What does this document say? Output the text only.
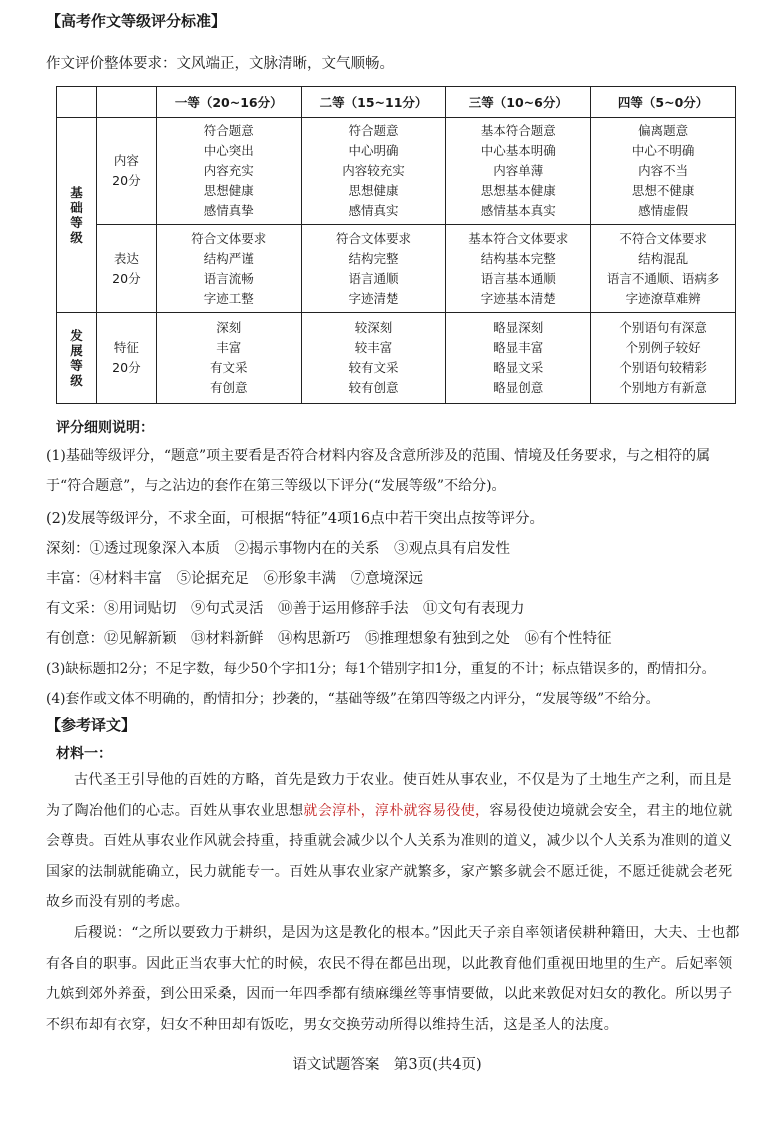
【高考作文等级评分标准】
作文评价整体要求：文风端正，文脉清晰，文气顺畅。
		一等（20~16分）	二等（15~11分）	三等（10~6分）	四等（5~0分）

基
础
等
级	内容
20分	符合题意
中心突出
内容充实
思想健康
感情真挚	符合题意
中心明确
内容较充实
思想健康
感情真实	基本符合题意
中心基本明确
内容单薄
思想基本健康
感情基本真实	偏离题意
中心不明确
内容不当
思想不健康
感情虚假

	表达
20分	符合文体要求
结构严谨
语言流畅
字迹工整	符合文体要求
结构完整
语言通顺
字迹清楚	基本符合文体要求
结构基本完整
语言基本通顺
字迹基本清楚	不符合文体要求
结构混乱
语言不通顺、语病多
字迹潦草难辨

发
展
等
级	特征
20分	深刻
丰富
有文采
有创意	较深刻
较丰富
较有文采
较有创意	略显深刻
略显丰富
略显文采
略显创意	个别语句有深意
个别例子较好
个别语句较精彩
个别地方有新意
评分细则说明：
(1)基础等级评分，“题意”项主要看是否符合材料内容及含意所涉及的范围、情境及任务要求，与之相符的属于“符合题意”，与之沾边的套作在第三等级以下评分(“发展等级”不给分)。
(2)发展等级评分，不求全面，可根据“特征”4项16点中若干突出点按等评分。
深刻：①透过现象深入本质　②揭示事物内在的关系　③观点具有启发性
丰富：④材料丰富　⑤论据充足　⑥形象丰满　⑦意境深远
有文采：⑧用词贴切　⑨句式灵活　⑩善于运用修辞手法　⑪文句有表现力
有创意：⑫见解新颖　⑬材料新鲜　⑭构思新巧　⑮推理想象有独到之处　⑯有个性特征
(3)缺标题扣2分；不足字数，每少50个字扣1分；每1个错别字扣1分，重复的不计；标点错误多的，酌情扣分。
(4)套作或文体不明确的，酌情扣分；抄袭的，“基础等级”在第四等级之内评分，“发展等级”不给分。
【参考译文】
材料一：
古代圣王引导他的百姓的方略，首先是致力于农业。使百姓从事农业，不仅是为了土地生产之利，而且是为了陶冶他们的心志。百姓从事农业思想就会淳朴，淳朴就容易役使，容易役使边境就会安全，君主的地位就会尊贵。百姓从事农业作风就会持重，持重就会减少以个人关系为准则的道义，减少以个人关系为准则的道义国家的法制就能确立，民力就能专一。百姓从事农业家产就繁多，家产繁多就会不愿迁徙，不愿迁徙就会老死故乡而没有别的考虑。
后稷说：“之所以要致力于耕织，是因为这是教化的根本。”因此天子亲自率领诸侯耕种籍田，大夫、士也都有各自的职事。因此正当农事大忙的时候，农民不得在都邑出现，以此教育他们重视田地里的生产。后妃率领九嫔到郊外养蚕，到公田采桑，因而一年四季都有绩麻缫丝等事情要做，以此来敦促对妇女的教化。所以男子不织布却有衣穿，妇女不种田却有饭吃，男女交换劳动所得以维持生活，这是圣人的法度。
语文试题答案　第3页(共4页)
